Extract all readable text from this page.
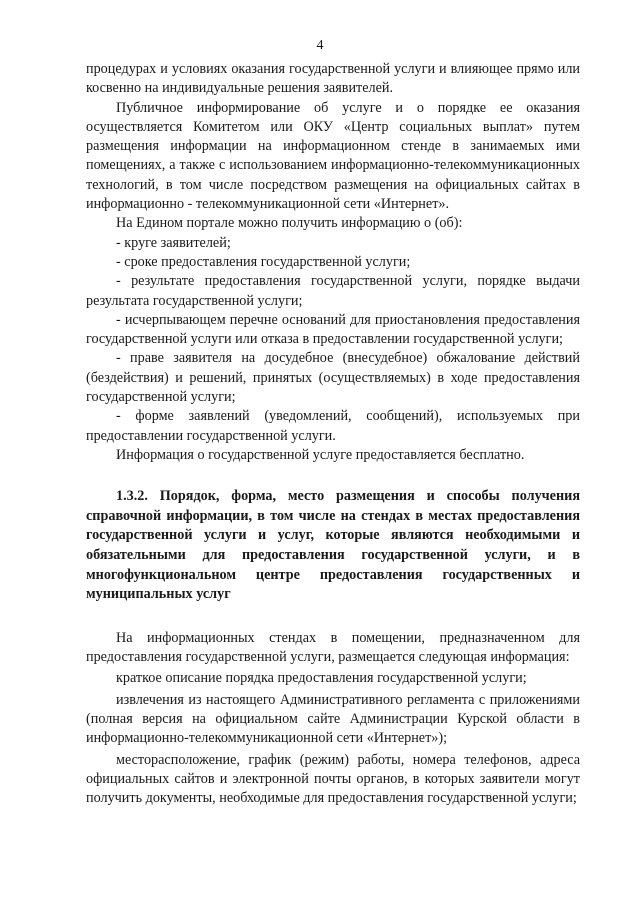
4

процедурах и условиях оказания государственной услуги и влияющее прямо или косвенно на индивидуальные решения заявителей.

Публичное информирование об услуге и о порядке ее оказания осуществляется Комитетом или ОКУ «Центр социальных выплат» путем размещения информации на информационном стенде в занимаемых ими помещениях, а также с использованием информационно-телекоммуникационных технологий, в том числе посредством размещения на официальных сайтах в информационно - телекоммуникационной сети «Интернет».

На Едином портале можно получить информацию о (об):

- круге заявителей;

- сроке предоставления государственной услуги;

- результате предоставления государственной услуги, порядке выдачи результата государственной услуги;

- исчерпывающем перечне оснований для приостановления предоставления государственной услуги или отказа в предоставлении государственной услуги;

- праве заявителя на досудебное (внесудебное) обжалование действий (бездействия) и решений, принятых (осуществляемых) в ходе предоставления государственной услуги;

- форме заявлений (уведомлений, сообщений), используемых при предоставлении государственной услуги.

Информация о государственной услуге предоставляется бесплатно.

1.3.2. Порядок, форма, место размещения и способы получения справочной информации, в том числе на стендах в местах предоставления государственной услуги и услуг, которые являются необходимыми и обязательными для предоставления государственной услуги, и в многофункциональном центре предоставления государственных и муниципальных услуг

На информационных стендах в помещении, предназначенном для предоставления государственной услуги, размещается следующая информация:

краткое описание порядка предоставления государственной услуги;

извлечения из настоящего Административного регламента с приложениями (полная версия на официальном сайте Администрации Курской области в информационно-телекоммуникационной сети «Интернет»);

месторасположение, график (режим) работы, номера телефонов, адреса официальных сайтов и электронной почты органов, в которых заявители могут получить документы, необходимые для предоставления государственной услуги;
